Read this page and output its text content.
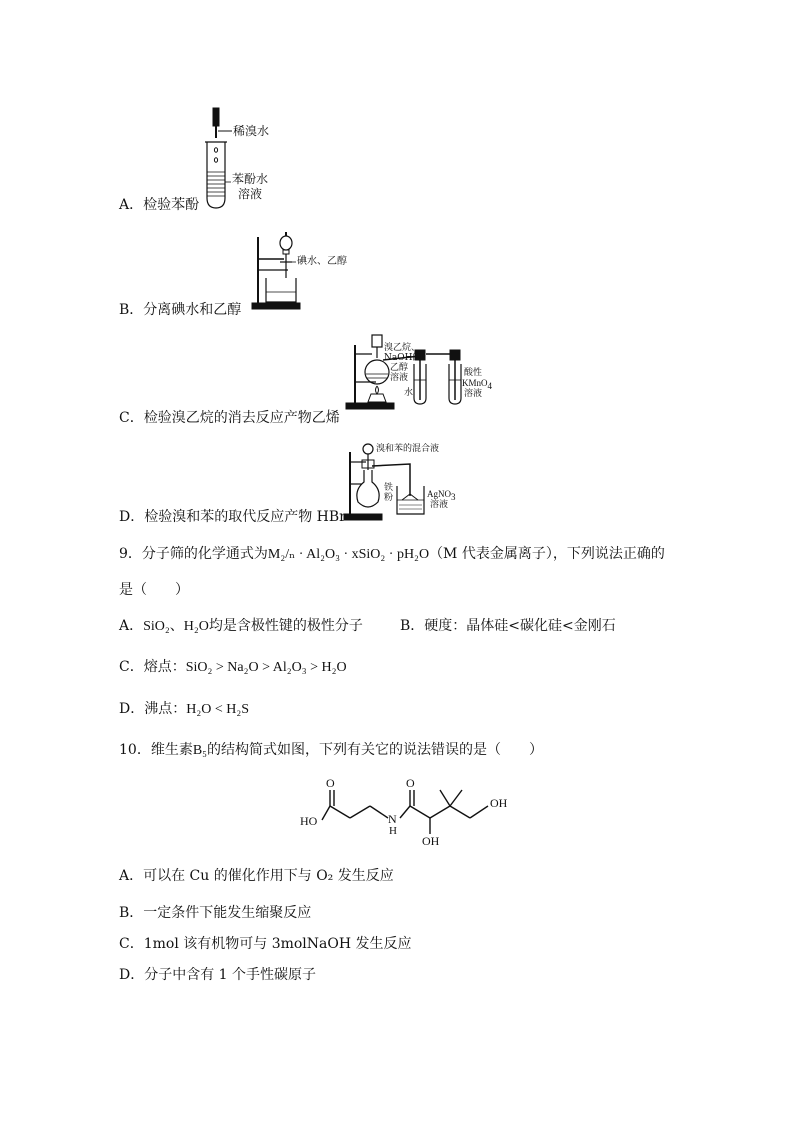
稀溴水
苯酚水
溶液
A．检验苯酚
碘水、乙醇
B．分离碘水和乙醇
溴乙烷、
NaOH的
乙醇
溶液
水
酸性
KMnO$_4$
溶液
C．检验溴乙烷的消去反应产物乙烯
溴和苯的混合液
铁
粉	AgNO$_3$
溶液
D．检验溴和苯的取代反应产物 HBr
9．分子筛的化学通式为M₂/ₙ · Al₂O₃ · xSiO₂ · pH₂O（M 代表金属离子），下列说法正确的
是（　　）
A．SiO₂、H₂O均是含极性键的极性分子	B．硬度：晶体硅<碳化硅<金刚石
C．熔点：SiO₂ > Na₂O > Al₂O₃ > H₂O
D．沸点：H₂O < H₂S
10．维生素B₅的结构简式如图，下列有关它的说法错误的是（　　）
O	O
HO	N
H
OH
OH
A．可以在 Cu 的催化作用下与 O₂ 发生反应
B．一定条件下能发生缩聚反应
C．1mol 该有机物可与 3molNaOH 发生反应
D．分子中含有 1 个手性碳原子
